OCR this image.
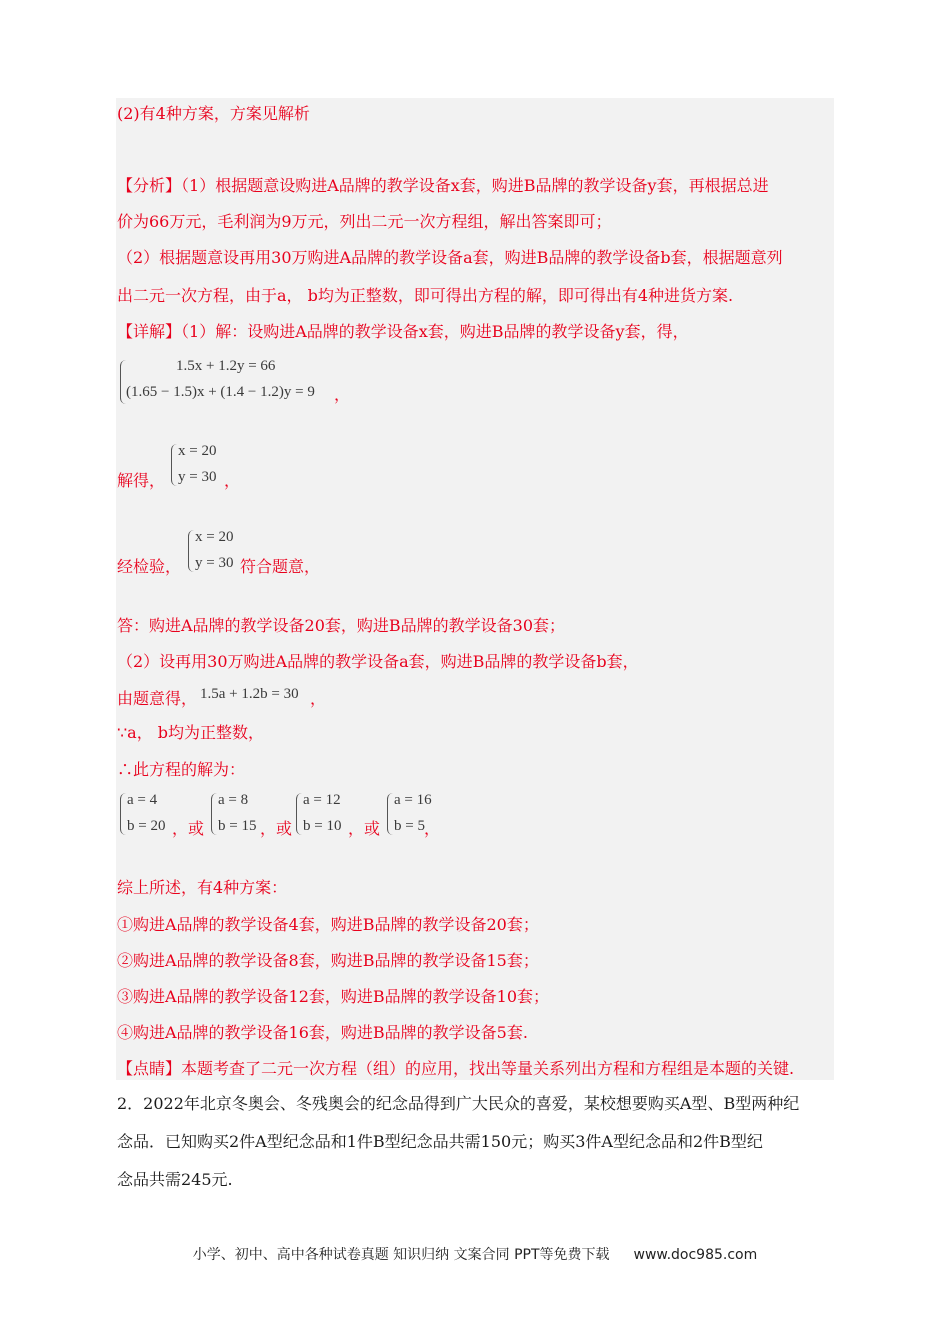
(2)有4种方案，方案见解析
【分析】（1）根据题意设购进A品牌的教学设备x套，购进B品牌的教学设备y套，再根据总进
价为66万元，毛利润为9万元，列出二元一次方程组，解出答案即可；
（2）根据题意设再用30万购进A品牌的教学设备a套，购进B品牌的教学设备b套，根据题意列
出二元一次方程，由于a， b均为正整数，即可得出方程的解，即可得出有4种进货方案.
【详解】（1）解：设购进A品牌的教学设备x套，购进B品牌的教学设备y套，得，
1.5x + 1.2y = 66
(1.65 − 1.5)x + (1.4 − 1.2)y = 9 ，
解得，
x = 20
y = 30 ，
经检验，
x = 20
y = 30 符合题意，
答：购进A品牌的教学设备20套，购进B品牌的教学设备30套；
（2）设再用30万购进A品牌的教学设备a套，购进B品牌的教学设备b套，
由题意得， 1.5a + 1.2b = 30 ，
∵a， b均为正整数，
∴此方程的解为：
a = 4
b = 20 ，或
a = 8
b = 15 ，或
a = 12
b = 10 ，或
a = 16
b = 5 ，
综上所述，有4种方案：
①购进A品牌的教学设备4套，购进B品牌的教学设备20套；
②购进A品牌的教学设备8套，购进B品牌的教学设备15套；
③购进A品牌的教学设备12套，购进B品牌的教学设备10套；
④购进A品牌的教学设备16套，购进B品牌的教学设备5套.
【点睛】本题考查了二元一次方程（组）的应用，找出等量关系列出方程和方程组是本题的关键.
2．2022年北京冬奥会、冬残奥会的纪念品得到广大民众的喜爱，某校想要购买A型、B型两种纪
念品．已知购买2件A型纪念品和1件B型纪念品共需150元；购买3件A型纪念品和2件B型纪
念品共需245元.
小学、初中、高中各种试卷真题 知识归纳 文案合同 PPT等免费下载 www.doc985.com
